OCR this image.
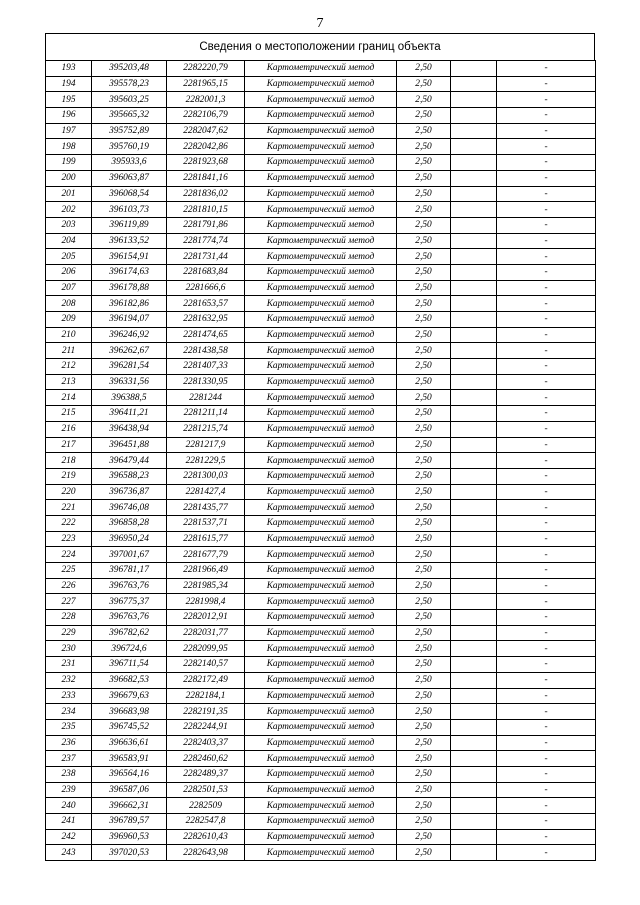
7
Сведения о местоположении границ объекта
193	395203,48	2282220,79	Картометрический метод	2,50		-
194	395578,23	2281965,15	Картометрический метод	2,50		-
195	395603,25	2282001,3	Картометрический метод	2,50		-
196	395665,32	2282106,79	Картометрический метод	2,50		-
197	395752,89	2282047,62	Картометрический метод	2,50		-
198	395760,19	2282042,86	Картометрический метод	2,50		-
199	395933,6	2281923,68	Картометрический метод	2,50		-
200	396063,87	2281841,16	Картометрический метод	2,50		-
201	396068,54	2281836,02	Картометрический метод	2,50		-
202	396103,73	2281810,15	Картометрический метод	2,50		-
203	396119,89	2281791,86	Картометрический метод	2,50		-
204	396133,52	2281774,74	Картометрический метод	2,50		-
205	396154,91	2281731,44	Картометрический метод	2,50		-
206	396174,63	2281683,84	Картометрический метод	2,50		-
207	396178,88	2281666,6	Картометрический метод	2,50		-
208	396182,86	2281653,57	Картометрический метод	2,50		-
209	396194,07	2281632,95	Картометрический метод	2,50		-
210	396246,92	2281474,65	Картометрический метод	2,50		-
211	396262,67	2281438,58	Картометрический метод	2,50		-
212	396281,54	2281407,33	Картометрический метод	2,50		-
213	396331,56	2281330,95	Картометрический метод	2,50		-
214	396388,5	2281244	Картометрический метод	2,50		-
215	396411,21	2281211,14	Картометрический метод	2,50		-
216	396438,94	2281215,74	Картометрический метод	2,50		-
217	396451,88	2281217,9	Картометрический метод	2,50		-
218	396479,44	2281229,5	Картометрический метод	2,50		-
219	396588,23	2281300,03	Картометрический метод	2,50		-
220	396736,87	2281427,4	Картометрический метод	2,50		-
221	396746,08	2281435,77	Картометрический метод	2,50		-
222	396858,28	2281537,71	Картометрический метод	2,50		-
223	396950,24	2281615,77	Картометрический метод	2,50		-
224	397001,67	2281677,79	Картометрический метод	2,50		-
225	396781,17	2281966,49	Картометрический метод	2,50		-
226	396763,76	2281985,34	Картометрический метод	2,50		-
227	396775,37	2281998,4	Картометрический метод	2,50		-
228	396763,76	2282012,91	Картометрический метод	2,50		-
229	396782,62	2282031,77	Картометрический метод	2,50		-
230	396724,6	2282099,95	Картометрический метод	2,50		-
231	396711,54	2282140,57	Картометрический метод	2,50		-
232	396682,53	2282172,49	Картометрический метод	2,50		-
233	396679,63	2282184,1	Картометрический метод	2,50		-
234	396683,98	2282191,35	Картометрический метод	2,50		-
235	396745,52	2282244,91	Картометрический метод	2,50		-
236	396636,61	2282403,37	Картометрический метод	2,50		-
237	396583,91	2282460,62	Картометрический метод	2,50		-
238	396564,16	2282489,37	Картометрический метод	2,50		-
239	396587,06	2282501,53	Картометрический метод	2,50		-
240	396662,31	2282509	Картометрический метод	2,50		-
241	396789,57	2282547,8	Картометрический метод	2,50		-
242	396960,53	2282610,43	Картометрический метод	2,50		-
243	397020,53	2282643,98	Картометрический метод	2,50		-
